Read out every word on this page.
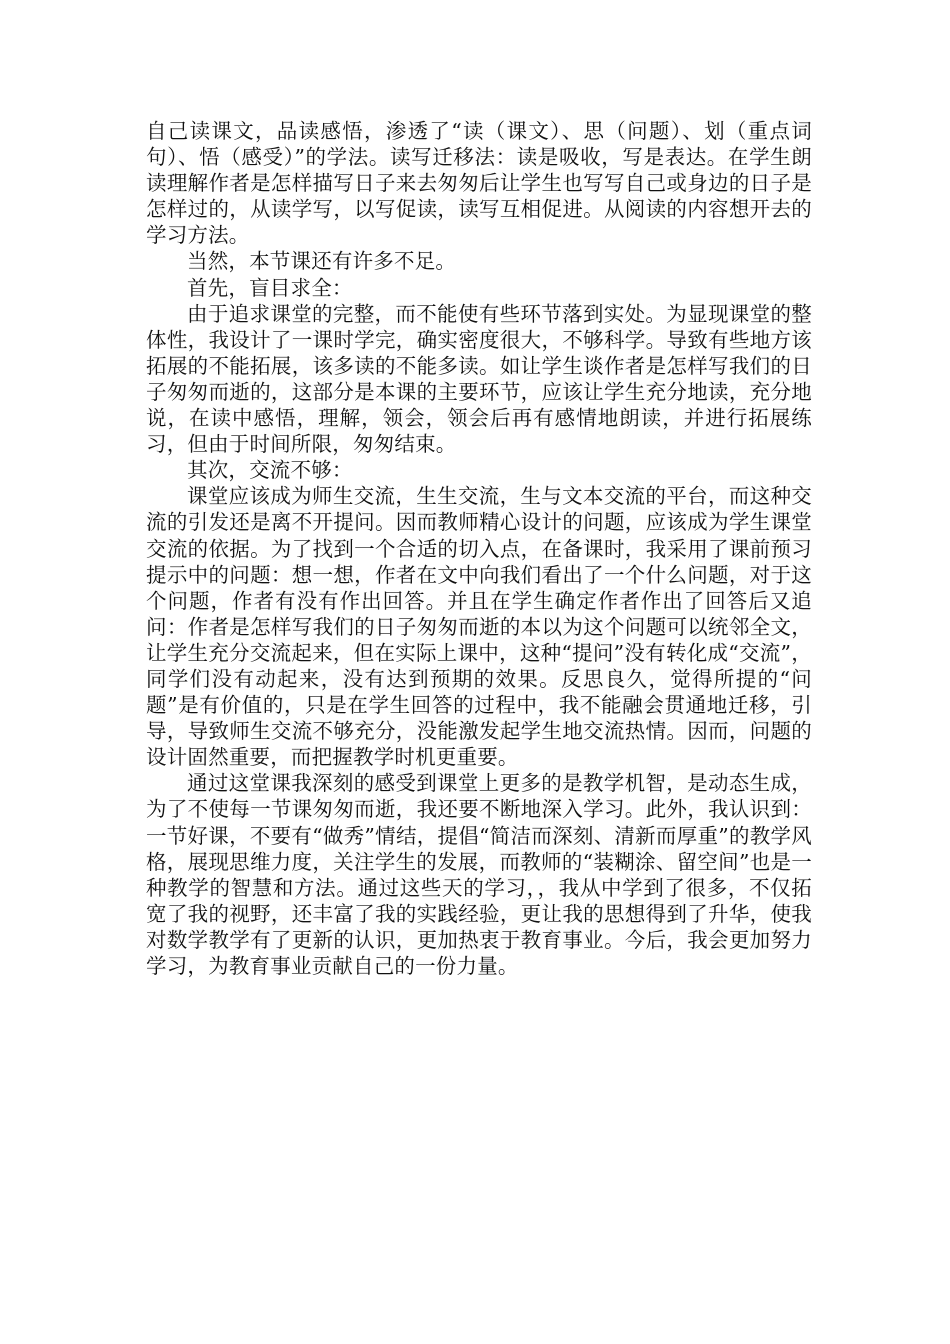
自己读课文，品读感悟，渗透了“读（课文）、思（问题）、划（重点词句）、悟（感受）”的学法。读写迁移法：读是吸收，写是表达。在学生朗读理解作者是怎样描写日子来去匆匆后让学生也写写自己或身边的日子是怎样过的，从读学写，以写促读，读写互相促进。从阅读的内容想开去的学习方法。

当然，本节课还有许多不足。

首先，盲目求全：

由于追求课堂的完整，而不能使有些环节落到实处。为显现课堂的整体性，我设计了一课时学完，确实密度很大，不够科学。导致有些地方该拓展的不能拓展，该多读的不能多读。如让学生谈作者是怎样写我们的日子匆匆而逝的，这部分是本课的主要环节，应该让学生充分地读，充分地说，在读中感悟，理解，领会，领会后再有感情地朗读，并进行拓展练习，但由于时间所限，匆匆结束。

其次，交流不够：

课堂应该成为师生交流，生生交流，生与文本交流的平台，而这种交流的引发还是离不开提问。因而教师精心设计的问题，应该成为学生课堂交流的依据。为了找到一个合适的切入点，在备课时，我采用了课前预习提示中的问题：想一想，作者在文中向我们看出了一个什么问题，对于这个问题，作者有没有作出回答。并且在学生确定作者作出了回答后又追问：作者是怎样写我们的日子匆匆而逝的本以为这个问题可以统邻全文，让学生充分交流起来，但在实际上课中，这种“提问”没有转化成“交流”，同学们没有动起来，没有达到预期的效果。反思良久，觉得所提的“问题”是有价值的，只是在学生回答的过程中，我不能融会贯通地迁移，引导，导致师生交流不够充分，没能激发起学生地交流热情。因而，问题的设计固然重要，而把握教学时机更重要。

通过这堂课我深刻的感受到课堂上更多的是教学机智，是动态生成，为了不使每一节课匆匆而逝，我还要不断地深入学习。此外，我认识到：一节好课，不要有“做秀”情结，提倡“简洁而深刻、清新而厚重”的教学风格，展现思维力度，关注学生的发展，而教师的“装糊涂、留空间”也是一种教学的智慧和方法。通过这些天的学习，，我从中学到了很多，不仅拓宽了我的视野，还丰富了我的实践经验，更让我的思想得到了升华，使我对数学教学有了更新的认识，更加热衷于教育事业。今后，我会更加努力学习，为教育事业贡献自己的一份力量。
